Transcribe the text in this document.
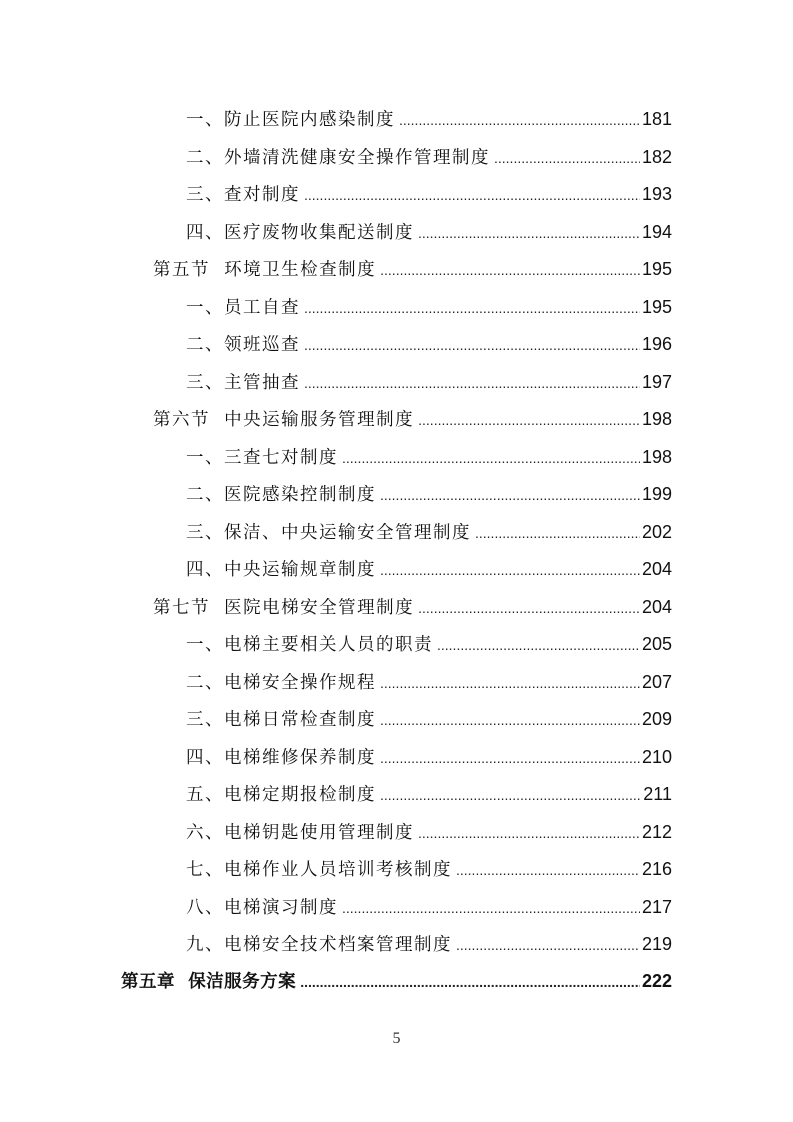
一、 防止医院内感染制度 .....	181
二、 外墙清洗健康安全操作管理制度 .....	182
三、 查对制度 .....	193
四、 医疗废物收集配送制度 .....	194
第五节 环境卫生检查制度 .....	195
一、 员工自查 .....	195
二、 领班巡查 .....	196
三、 主管抽查 .....	197
第六节 中央运输服务管理制度 .....	198
一、 三查七对制度 .....	198
二、 医院感染控制制度 .....	199
三、 保洁、中央运输安全管理制度 .....	202
四、 中央运输规章制度 .....	204
第七节 医院电梯安全管理制度 .....	204
一、 电梯主要相关人员的职责 .....	205
二、 电梯安全操作规程 .....	207
三、 电梯日常检查制度 .....	209
四、 电梯维修保养制度 .....	210
五、 电梯定期报检制度 .....	211
六、 电梯钥匙使用管理制度 .....	212
七、 电梯作业人员培训考核制度 .....	216
八、 电梯演习制度 .....	217
九、 电梯安全技术档案管理制度 .....	219
第五章 保洁服务方案 .....	222
5
